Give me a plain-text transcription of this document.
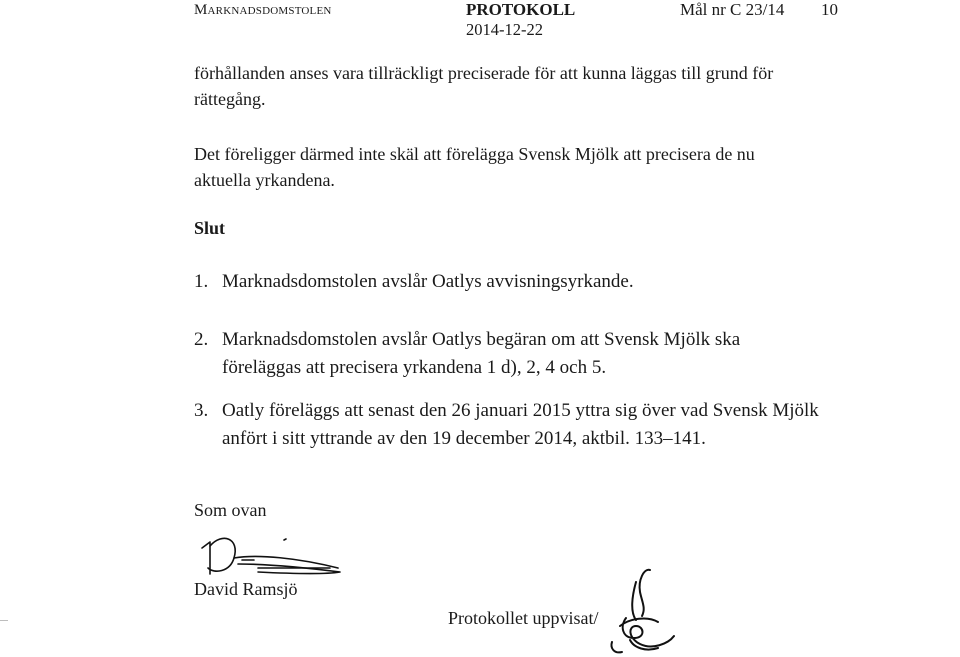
Marknadsdomstolen	PROTOKOLL
2014-12-22
Mål nr C 23/14 10
förhållanden anses vara tillräckligt preciserade för att kunna läggas till grund för
rättegång.
Det föreligger därmed inte skäl att förelägga Svensk Mjölk att precisera de nu
aktuella yrkandena.
Slut
1. Marknadsdomstolen avslår Oatlys avvisningsyrkande.
2. Marknadsdomstolen avslår Oatlys begäran om att Svensk Mjölk ska
föreläggas att precisera yrkandena 1 d), 2, 4 och 5.
3. Oatly föreläggs att senast den 26 januari 2015 yttra sig över vad Svensk Mjölk
anfört i sitt yttrande av den 19 december 2014, aktbil. 133–141.
Som ovan
David Ramsjö
Protokollet uppvisat/
